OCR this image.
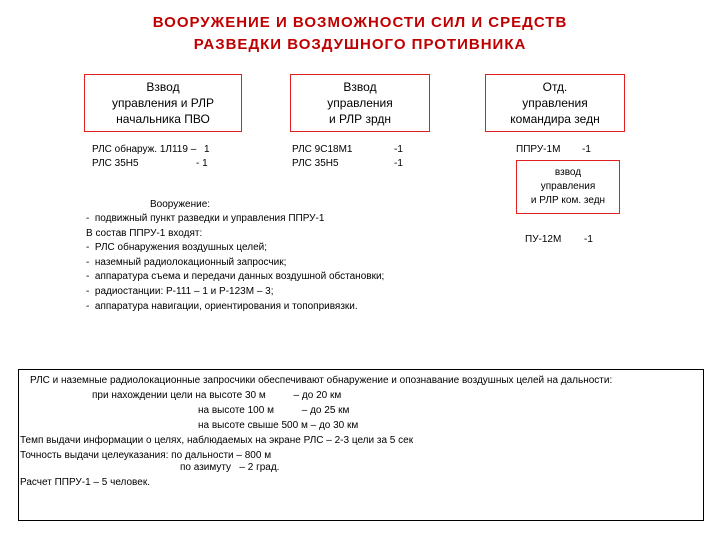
ВООРУЖЕНИЕ И ВОЗМОЖНОСТИ СИЛ И СРЕДСТВ
РАЗВЕДКИ ВОЗДУШНОГО ПРОТИВНИКА
Взвод
управления и РЛР
начальника ПВО
Взвод
управления
и РЛР зрдн
Отд.
управления
командира зедн
взвод
управления
и РЛР ком. зедн
РЛС обнаруж. 1Л119 – 1
РЛС 35Н5	- 1
РЛС 9С18М1	-1
РЛС 35Н5	-1
ППРУ-1М -1
ПУ-12М -1
Вооружение:
-  подвижный пункт разведки и управления ППРУ-1
В состав ППРУ-1 входят:
-  РЛС обнаружения воздушных целей;
-  наземный радиолокационный запросчик;
-  аппаратура съема и передачи данных воздушной обстановки;
-  радиостанции: Р-111 – 1 и Р-123М – 3;
-  аппаратура навигации, ориентирования и топопривязки.
РЛС и наземные радиолокационные запросчики обеспечивают обнаружение и опознавание воздушных целей на дальности:
при нахождении цели на высоте 30 м          – до 20 км
на высоте 100 м          – до 25 км
на высоте свыше 500 м – до 30 км
Темп выдачи информации о целях, наблюдаемых на экране РЛС – 2-3 цели за 5 сек
Точность выдачи целеуказания: по дальности – 800 м
по азимуту   – 2 град.
Расчет ППРУ-1 – 5 человек.
